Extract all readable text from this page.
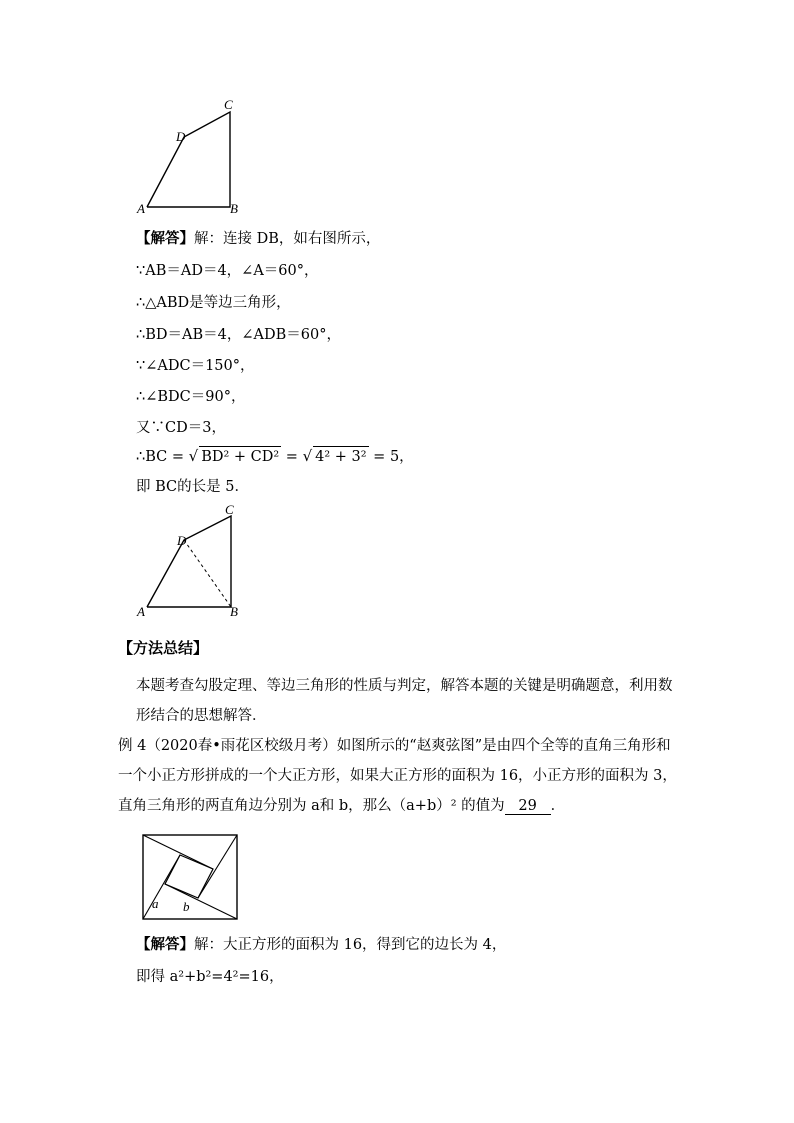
A	B
C
D
【解答】解：连接 DB，如右图所示，
∵AB＝AD＝4，∠A＝60°，
∴△ABD是等边三角形，
∴BD＝AB＝4，∠ADB＝60°，
∵∠ADC＝150°，
∴∠BDC＝90°，
又∵CD＝3，
∴BC = √ BD² + CD² = √ 4² + 3² = 5，
即 BC的长是 5．
A	B
C
D
【方法总结】
本题考查勾股定理、等边三角形的性质与判定，解答本题的关键是明确题意，利用数形结合的思想解答．
例 4（2020春•雨花区校级月考）如图所示的“赵爽弦图”是由四个全等的直角三角形和一个小正方形拼成的一个大正方形，如果大正方形的面积为 16，小正方形的面积为 3，直角三角形的两直角边分别为 a和 b，那么（a+b）² 的值为 29 ．
a b
【解答】解：大正方形的面积为 16，得到它的边长为 4，
即得 a²+b²=4²=16，
